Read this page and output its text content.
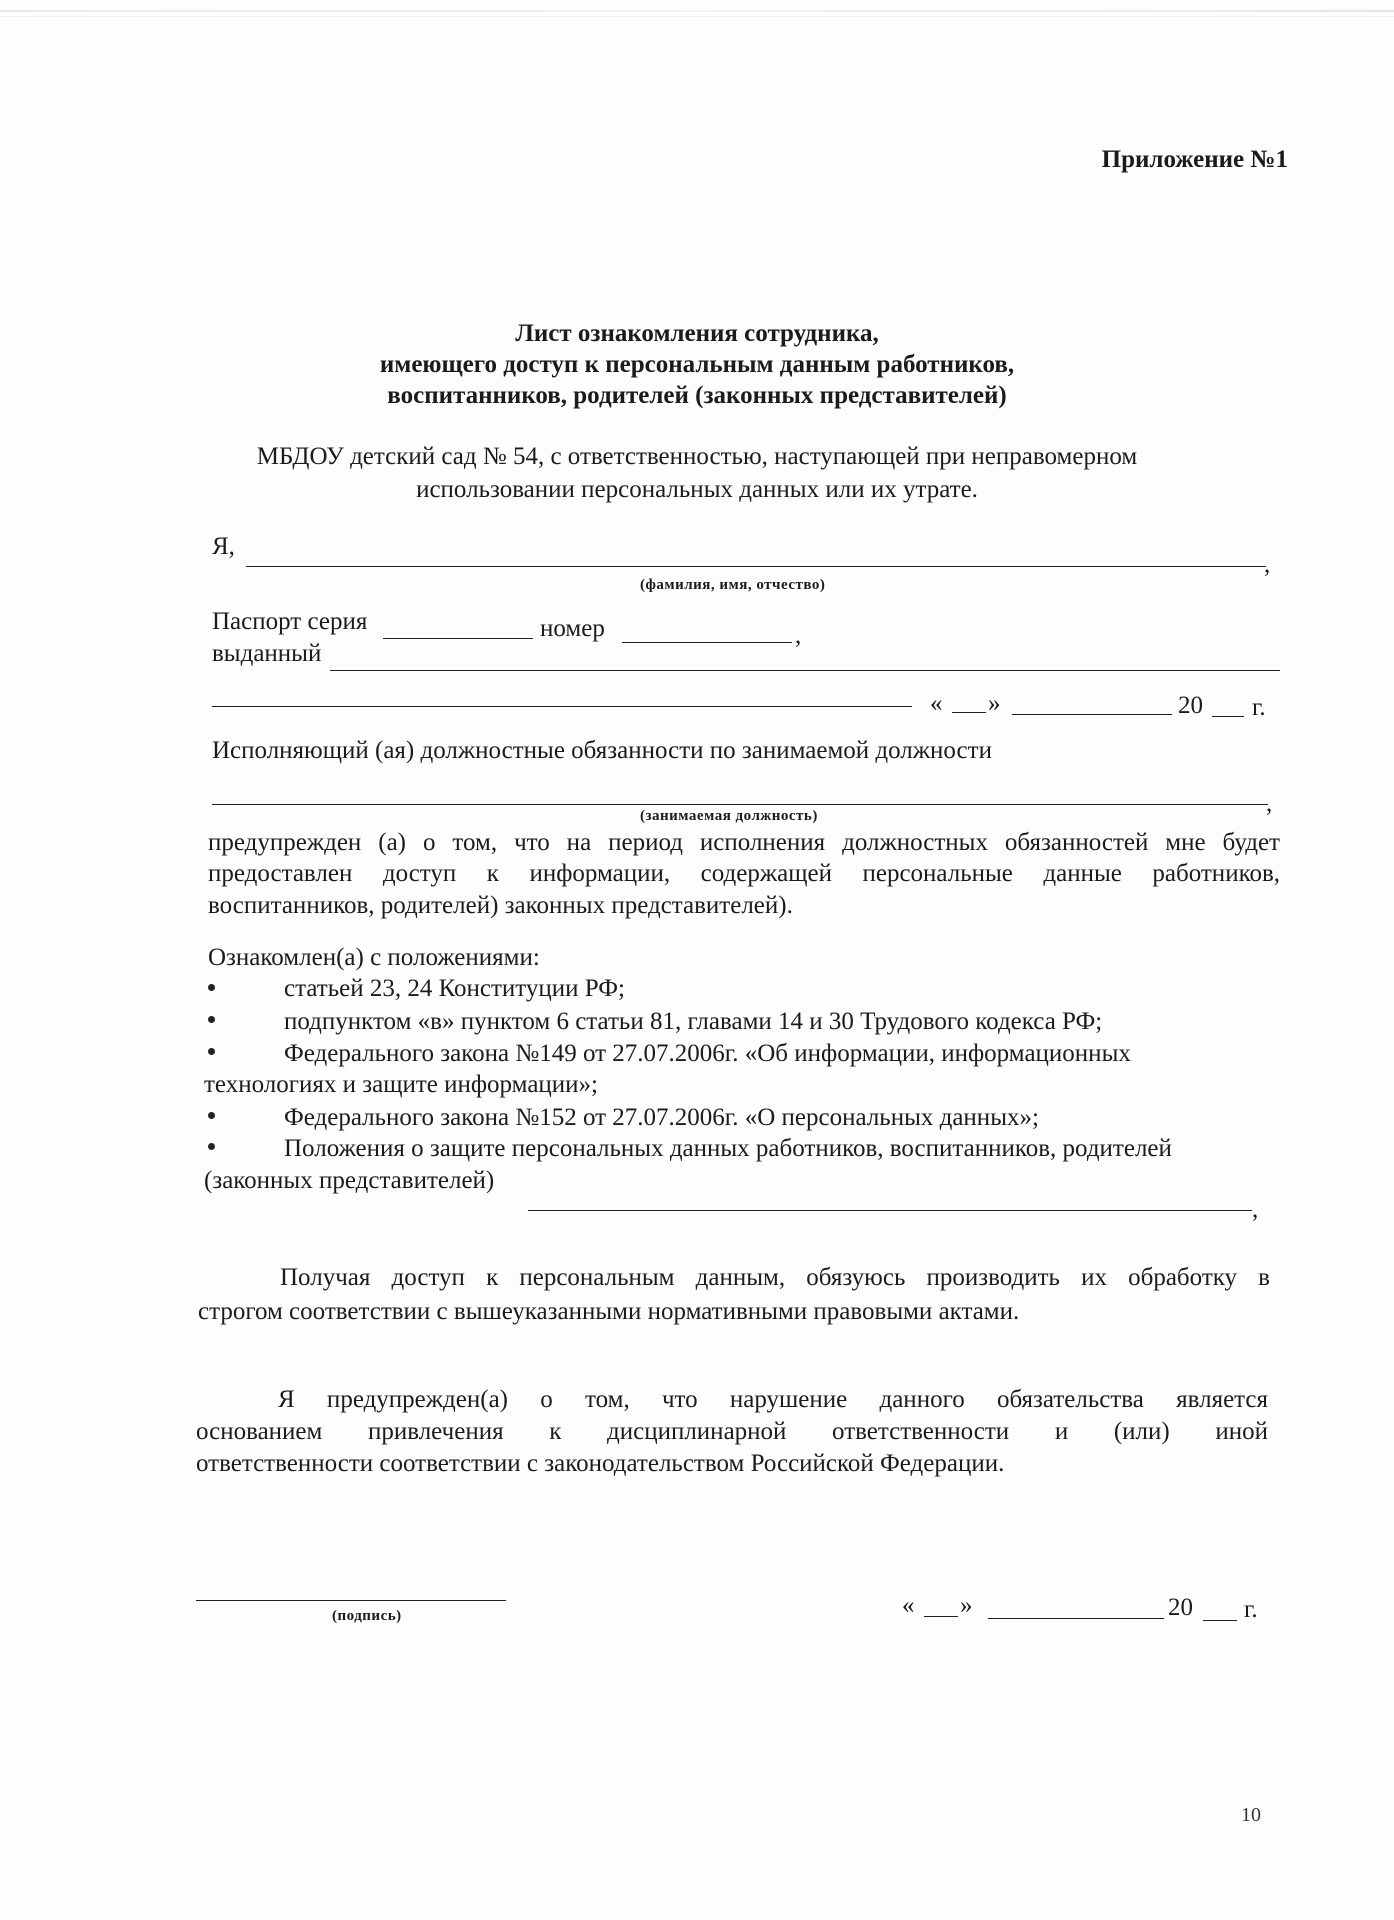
Приложение №1
Лист ознакомления сотрудника,
имеющего доступ к персональным данным работников,
воспитанников, родителей (законных представителей)
МБДОУ детский сад № 54, с ответственностью, наступающей при неправомерном
использовании персональных данных или их утрате.
Я,
,
(фамилия, имя, отчество)
Паспорт серия	номер	,
выданный
« »	20 г.
Исполняющий (ая) должностные обязанности по занимаемой должности
,
(занимаемая должность)
предупрежден (а) о том, что на период исполнения должностных обязанностей мне будет
предоставлен доступ к информации, содержащей персональные данные работников,
воспитанников, родителей) законных представителей).
Ознакомлен(а) с положениями:
статьей 23, 24 Конституции РФ;
подпунктом «в» пунктом 6 статьи 81, главами 14 и 30 Трудового кодекса РФ;
Федерального закона №149 от 27.07.2006г. «Об информации, информационных
технологиях и защите информации»;
Федерального закона №152 от 27.07.2006г. «О персональных данных»;
Положения о защите персональных данных работников, воспитанников, родителей
(законных представителей)
,
Получая доступ к персональным данным, обязуюсь производить их обработку в
строгом соответствии с вышеуказанными нормативными правовыми актами.
Я предупрежден(а) о том, что нарушение данного обязательства является
основанием привлечения к дисциплинарной ответственности и (или) иной
ответственности соответствии с законодательством Российской Федерации.
(подпись)	« »	20 г.
10
